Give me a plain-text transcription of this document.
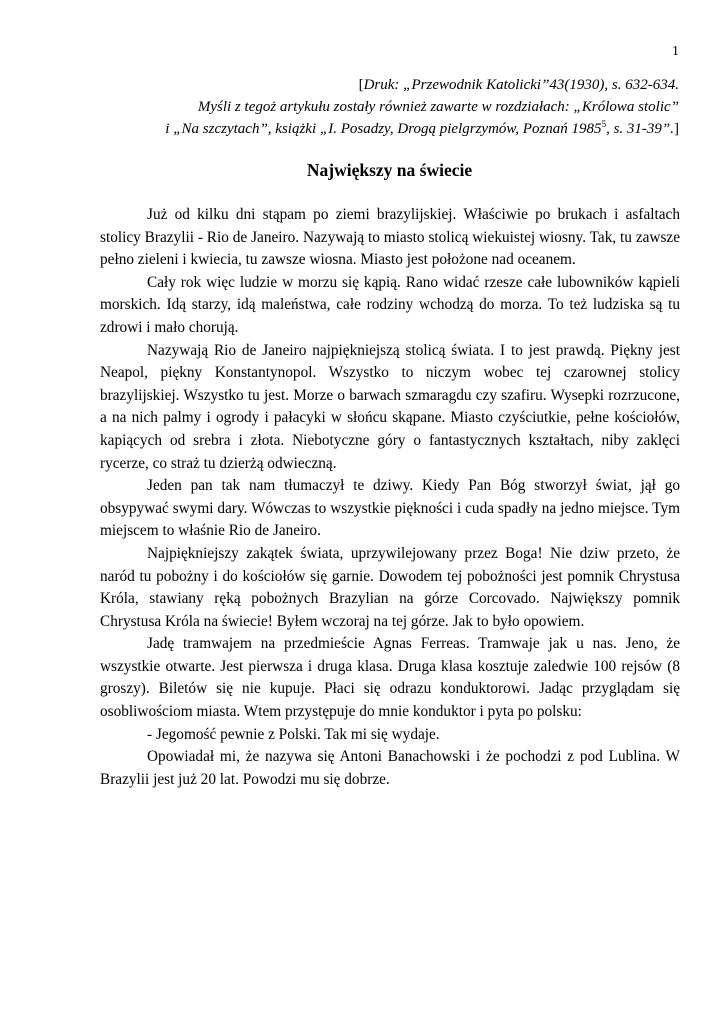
1
[Druk: „Przewodnik Katolicki”43(1930), s. 632-634.
Myśli z tegoż artykułu zostały również zawarte w rozdziałach: „Królowa stolic”
i „Na szczytach”, książki „I. Posadzy, Drogą pielgrzymów, Poznań 1985$^5$, s. 31-39”.]
Największy na świecie

Już od kilku dni stąpam po ziemi brazylijskiej. Właściwie po brukach i asfaltach stolicy Brazylii - Rio de Janeiro. Nazywają to miasto stolicą wiekuistej wiosny. Tak, tu zawsze pełno zieleni i kwiecia, tu zawsze wiosna. Miasto jest położone nad oceanem.

Cały rok więc ludzie w morzu się kąpią. Rano widać rzesze całe lubowników kąpieli morskich. Idą starzy, idą maleństwa, całe rodziny wchodzą do morza. To też ludziska są tu zdrowi i mało chorują.

Nazywają Rio de Janeiro najpiękniejszą stolicą świata. I to jest prawdą. Piękny jest Neapol, piękny Konstantynopol. Wszystko to niczym wobec tej czarownej stolicy brazylijskiej. Wszystko tu jest. Morze o barwach szmaragdu czy szafiru. Wysepki rozrzucone, a na nich palmy i ogrody i pałacyki w słońcu skąpane. Miasto czyściutkie, pełne kościołów, kapiących od srebra i złota. Niebotyczne góry o fantastycznych kształtach, niby zaklęci rycerze, co straż tu dzierżą odwieczną.

Jeden pan tak nam tłumaczył te dziwy. Kiedy Pan Bóg stworzył świat, jął go obsypywać swymi dary. Wówczas to wszystkie piękności i cuda spadły na jedno miejsce. Tym miejscem to właśnie Rio de Janeiro.

Najpiękniejszy zakątek świata, uprzywilejowany przez Boga! Nie dziw przeto, że naród tu pobożny i do kościołów się garnie. Dowodem tej pobożności jest pomnik Chrystusa Króla, stawiany ręką pobożnych Brazylian na górze Corcovado. Największy pomnik Chrystusa Króla na świecie! Byłem wczoraj na tej górze. Jak to było opowiem.

Jadę tramwajem na przedmieście Agnas Ferreas. Tramwaje jak u nas. Jeno, że wszystkie otwarte. Jest pierwsza i druga klasa. Druga klasa kosztuje zaledwie 100 rejsów (8 groszy). Biletów się nie kupuje. Płaci się odrazu konduktorowi. Jadąc przyglądam się osobliwościom miasta. Wtem przystępuje do mnie konduktor i pyta po polsku:

- Jegomość pewnie z Polski. Tak mi się wydaje.

Opowiadał mi, że nazywa się Antoni Banachowski i że pochodzi z pod Lublina. W Brazylii jest już 20 lat. Powodzi mu się dobrze.
